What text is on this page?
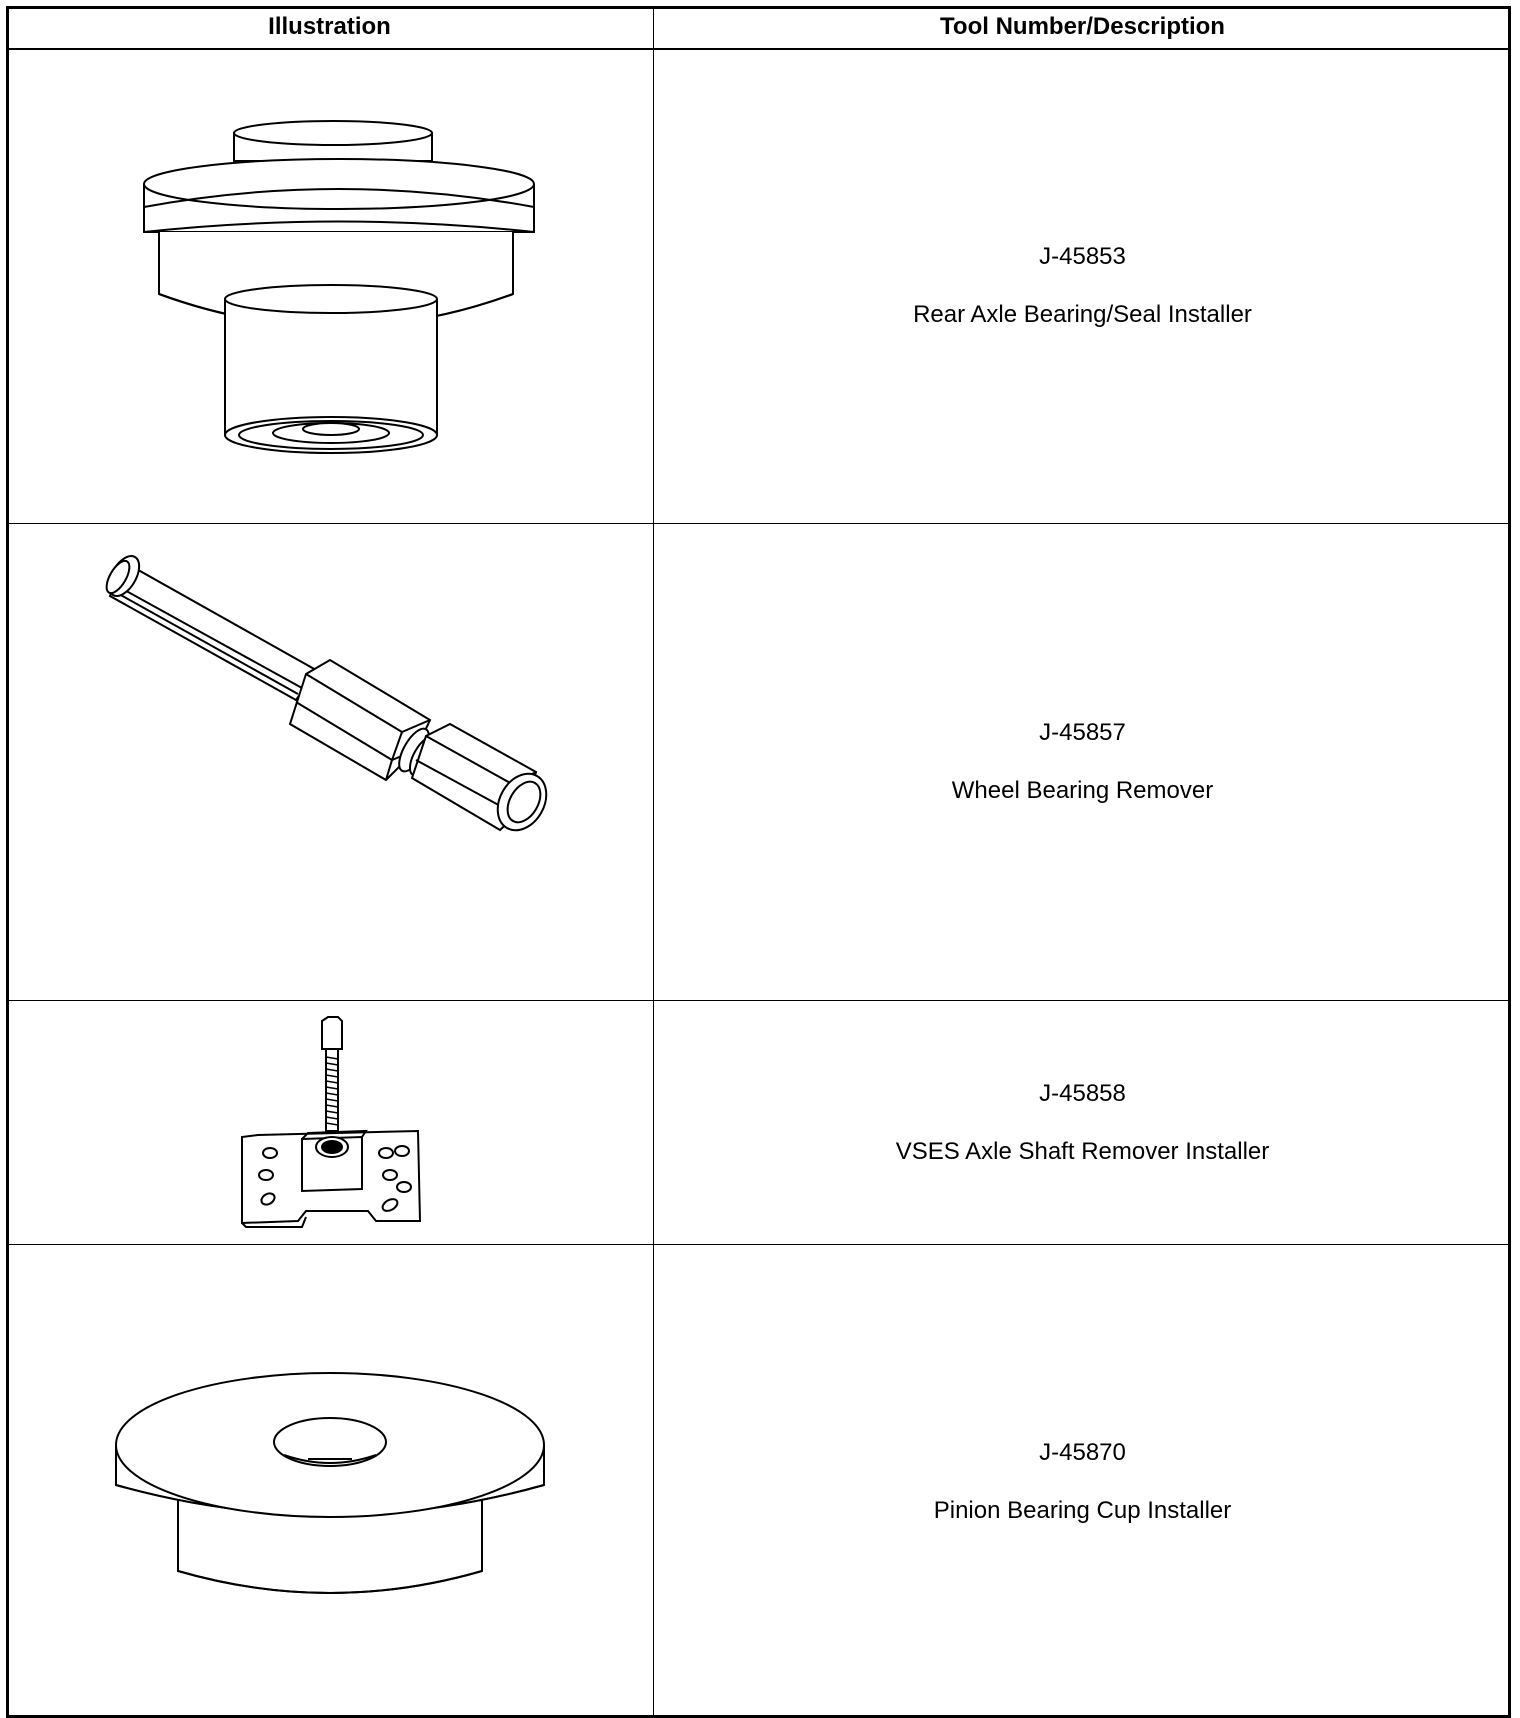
Illustration	Tool Number/Description
J-45853
Rear Axle Bearing/Seal Installer
J-45857
Wheel Bearing Remover
J-45858
VSES Axle Shaft Remover Installer
J-45870
Pinion Bearing Cup Installer
